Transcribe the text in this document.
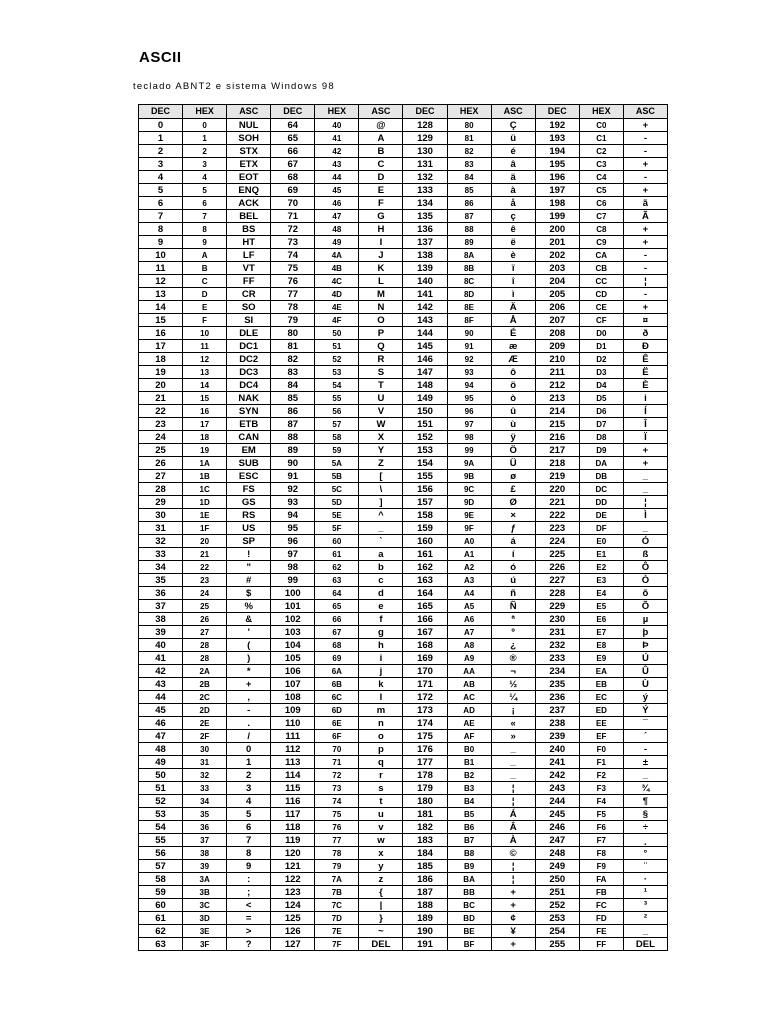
ASCII
teclado ABNT2 e sistema Windows 98
DEC	HEX	ASC	DEC	HEX	ASC	DEC	HEX	ASC	DEC	HEX	ASC
0	0	NUL	64	40	@	128	80	Ç	192	C0	+
1	1	SOH	65	41	A	129	81	ü	193	C1	-
2	2	STX	66	42	B	130	82	é	194	C2	-
3	3	ETX	67	43	C	131	83	â	195	C3	+
4	4	EOT	68	44	D	132	84	ä	196	C4	-
5	5	ENQ	69	45	E	133	85	à	197	C5	+
6	6	ACK	70	46	F	134	86	å	198	C6	ã
7	7	BEL	71	47	G	135	87	ç	199	C7	Ã
8	8	BS	72	48	H	136	88	ê	200	C8	+
9	9	HT	73	49	I	137	89	ë	201	C9	+
10	A	LF	74	4A	J	138	8A	è	202	CA	-
11	B	VT	75	4B	K	139	8B	ï	203	CB	-
12	C	FF	76	4C	L	140	8C	î	204	CC	¦
13	D	CR	77	4D	M	141	8D	ì	205	CD	-
14	E	SO	78	4E	N	142	8E	Ä	206	CE	+
15	F	SI	79	4F	O	143	8F	Å	207	CF	¤
16	10	DLE	80	50	P	144	90	É	208	D0	ð
17	11	DC1	81	51	Q	145	91	æ	209	D1	Ð
18	12	DC2	82	52	R	146	92	Æ	210	D2	Ê
19	13	DC3	83	53	S	147	93	ô	211	D3	Ë
20	14	DC4	84	54	T	148	94	ö	212	D4	È
21	15	NAK	85	55	U	149	95	ò	213	D5	i
22	16	SYN	86	56	V	150	96	û	214	D6	Í
23	17	ETB	87	57	W	151	97	ù	215	D7	Î
24	18	CAN	88	58	X	152	98	ÿ	216	D8	Ï
25	19	EM	89	59	Y	153	99	Ö	217	D9	+
26	1A	SUB	90	5A	Z	154	9A	Ü	218	DA	+
27	1B	ESC	91	5B	[	155	9B	ø	219	DB	_
28	1C	FS	92	5C	\	156	9C	£	220	DC	_
29	1D	GS	93	5D	]	157	9D	Ø	221	DD	¦
30	1E	RS	94	5E	^	158	9E	×	222	DE	Ì
31	1F	US	95	5F	_	159	9F	ƒ	223	DF	_
32	20	SP	96	60	`	160	A0	á	224	E0	Ó
33	21	!	97	61	a	161	A1	í	225	E1	ß
34	22	"	98	62	b	162	A2	ó	226	E2	Ô
35	23	#	99	63	c	163	A3	ú	227	E3	Ò
36	24	$	100	64	d	164	A4	ñ	228	E4	õ
37	25	%	101	65	e	165	A5	Ñ	229	E5	Õ
38	26	&	102	66	f	166	A6	ª	230	E6	µ
39	27	'	103	67	g	167	A7	º	231	E7	þ
40	28	(	104	68	h	168	A8	¿	232	E8	Þ
41	28	)	105	69	i	169	A9	®	233	E9	Ú
42	2A	*	106	6A	j	170	AA	¬	234	EA	Û
43	2B	+	107	6B	k	171	AB	½	235	EB	Ù
44	2C	,	108	6C	l	172	AC	¼	236	EC	ý
45	2D	-	109	6D	m	173	AD	¡	237	ED	Ý
46	2E	.	110	6E	n	174	AE	«	238	EE	¯
47	2F	/	111	6F	o	175	AF	»	239	EF	´
48	30	0	112	70	p	176	B0	_	240	F0	-
49	31	1	113	71	q	177	B1	_	241	F1	±
50	32	2	114	72	r	178	B2	_	242	F2	_
51	33	3	115	73	s	179	B3	¦	243	F3	¾
52	34	4	116	74	t	180	B4	¦	244	F4	¶
53	35	5	117	75	u	181	B5	Á	245	F5	§
54	36	6	118	76	v	182	B6	Â	246	F6	÷
55	37	7	119	77	w	183	B7	À	247	F7	¸
56	38	8	120	78	x	184	B8	©	248	F8	°
57	39	9	121	79	y	185	B9	¦	249	F9	¨
58	3A	:	122	7A	z	186	BA	¦	250	FA	·
59	3B	;	123	7B	{	187	BB	+	251	FB	¹
60	3C	<	124	7C	|	188	BC	+	252	FC	³
61	3D	=	125	7D	}	189	BD	¢	253	FD	²
62	3E	>	126	7E	~	190	BE	¥	254	FE	_
63	3F	?	127	7F	DEL	191	BF	+	255	FF	DEL
